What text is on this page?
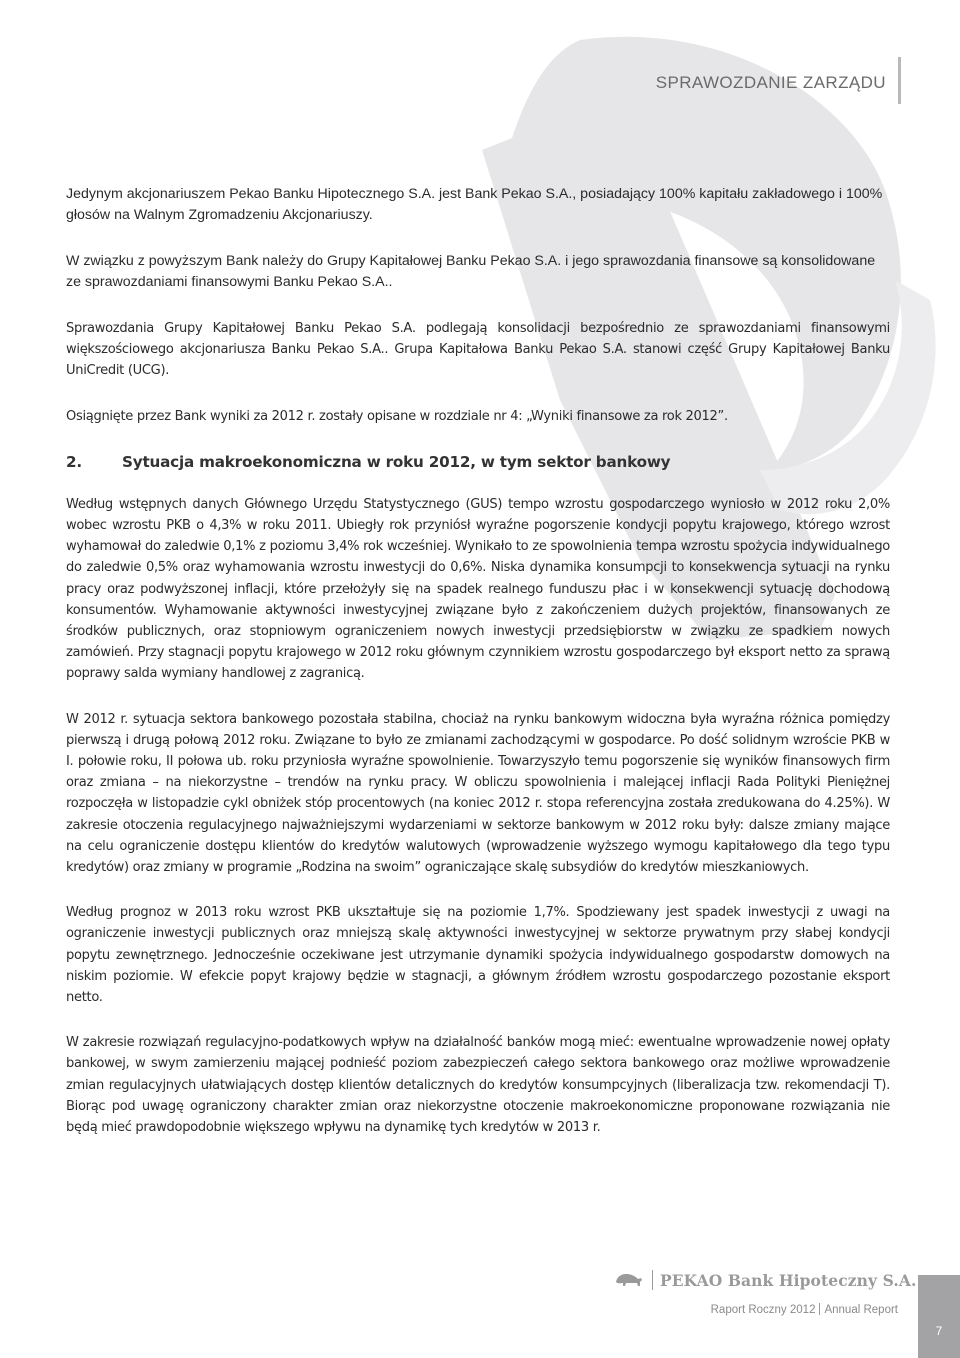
SPRAWOZDANIE ZARZĄDU

Jedynym akcjonariuszem Pekao Banku Hipotecznego S.A. jest Bank Pekao S.A., posiadający 100% kapitału zakładowego i 100% głosów na Walnym Zgromadzeniu Akcjonariuszy.

W związku z powyższym Bank należy do Grupy Kapitałowej Banku Pekao S.A. i jego sprawozdania finansowe są konsolidowane ze sprawozdaniami finansowymi Banku Pekao S.A..

Sprawozdania Grupy Kapitałowej Banku Pekao S.A. podlegają konsolidacji bezpośrednio ze sprawozdaniami finansowymi większościowego akcjonariusza Banku Pekao S.A.. Grupa Kapitałowa Banku Pekao S.A. stanowi część Grupy Kapitałowej Banku UniCredit (UCG).

Osiągnięte przez Bank wyniki za 2012 r. zostały opisane w rozdziale nr 4: „Wyniki finansowe za rok 2012”.

2.	Sytuacja makroekonomiczna w roku 2012, w tym sektor bankowy

Według wstępnych danych Głównego Urzędu Statystycznego (GUS) tempo wzrostu gospodarczego wyniosło w 2012 roku 2,0% wobec wzrostu PKB o 4,3% w roku 2011. Ubiegły rok przyniósł wyraźne pogorszenie kondycji popytu krajowego, którego wzrost wyhamował do zaledwie 0,1% z poziomu 3,4% rok wcześniej. Wynikało to ze spowolnienia tempa wzrostu spożycia indywidualnego do zaledwie 0,5% oraz wyhamowania wzrostu inwestycji do 0,6%. Niska dynamika konsumpcji to konsekwencja sytuacji na rynku pracy oraz podwyższonej inflacji, które przełożyły się na spadek realnego funduszu płac i w konsekwencji sytuację dochodową konsumentów. Wyhamowanie aktywności inwestycyjnej związane było z zakończeniem dużych projektów, finansowanych ze środków publicznych, oraz stopniowym ograniczeniem nowych inwestycji przedsiębiorstw w związku ze spadkiem nowych zamówień. Przy stagnacji popytu krajowego w 2012 roku głównym czynnikiem wzrostu gospodarczego był eksport netto za sprawą poprawy salda wymiany handlowej z zagranicą.

W 2012 r. sytuacja sektora bankowego pozostała stabilna, chociaż na rynku bankowym widoczna była wyraźna różnica pomiędzy pierwszą i drugą połową 2012 roku. Związane to było ze zmianami zachodzącymi w gospodarce. Po dość solidnym wzroście PKB w I. połowie roku, II połowa ub. roku przyniosła wyraźne spowolnienie. Towarzyszyło temu pogorszenie się wyników finansowych firm oraz zmiana – na niekorzystne – trendów na rynku pracy. W obliczu spowolnienia i malejącej inflacji Rada Polityki Pieniężnej rozpoczęła w listopadzie cykl obniżek stóp procentowych (na koniec 2012 r. stopa referencyjna została zredukowana do 4.25%). W zakresie otoczenia regulacyjnego najważniejszymi wydarzeniami w sektorze bankowym w 2012 roku były: dalsze zmiany mające na celu ograniczenie dostępu klientów do kredytów walutowych (wprowadzenie wyższego wymogu kapitałowego dla tego typu kredytów) oraz zmiany w programie „Rodzina na swoim” ograniczające skalę subsydiów do kredytów mieszkaniowych.

Według prognoz w 2013 roku wzrost PKB ukształtuje się na poziomie 1,7%. Spodziewany jest spadek inwestycji z uwagi na ograniczenie inwestycji publicznych oraz mniejszą skalę aktywności inwestycyjnej w sektorze prywatnym przy słabej kondycji popytu zewnętrznego. Jednocześnie oczekiwane jest utrzymanie dynamiki spożycia indywidualnego gospodarstw domowych na niskim poziomie. W efekcie popyt krajowy będzie w stagnacji, a głównym źródłem wzrostu gospodarczego pozostanie eksport netto.

W zakresie rozwiązań regulacyjno-podatkowych wpływ na działalność banków mogą mieć: ewentualne wprowadzenie nowej opłaty bankowej, w swym zamierzeniu mającej podnieść poziom zabezpieczeń całego sektora bankowego oraz możliwe wprowadzenie zmian regulacyjnych ułatwiających dostęp klientów detalicznych do kredytów konsumpcyjnych (liberalizacja tzw. rekomendacji T). Biorąc pod uwagę ograniczony charakter zmian oraz niekorzystne otoczenie makroekonomiczne proponowane rozwiązania nie będą mieć prawdopodobnie większego wpływu na dynamikę tych kredytów w 2013 r.

PEKAO Bank Hipoteczny S.A.
Raport Roczny 2012 Annual Report
7
